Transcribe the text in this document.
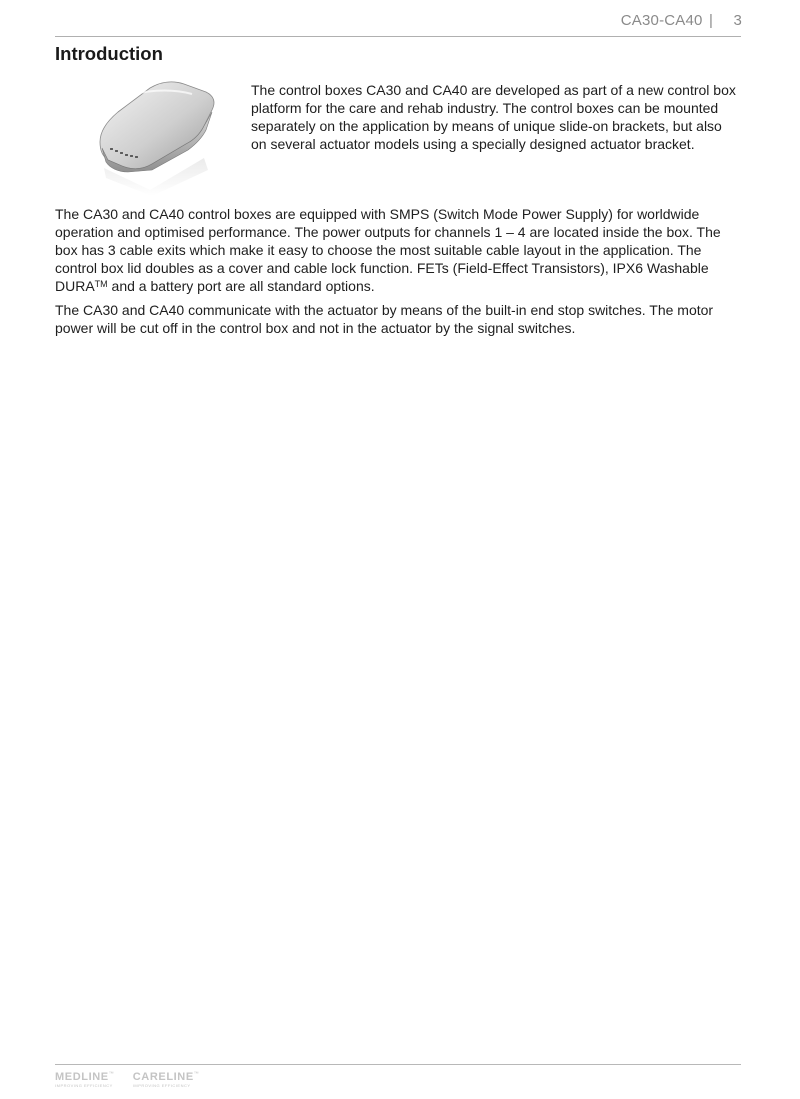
CA30-CA40 | 3
Introduction

The control boxes CA30 and CA40 are developed as part of a new control box platform for the care and rehab industry. The control boxes can be mounted separately on the application by means of unique slide-on brackets, but also on several actuator models using a specially designed actuator bracket.

The CA30 and CA40 control boxes are equipped with SMPS (Switch Mode Power Supply) for worldwide operation and optimised performance. The power outputs for channels 1 – 4 are located inside the box. The box has 3 cable exits which make it easy to choose the most suitable cable layout in the application. The control box lid doubles as a cover and cable lock function. FETs (Field-Effect Transistors), IPX6 Washable DURA™ and a battery port are all standard options.

The CA30 and CA40 communicate with the actuator by means of the built-in end stop switches. The motor power will be cut off in the control box and not in the actuator by the signal switches.

MEDLINE™
IMPROVING EFFICIENCY

CARELINE™
IMPROVING EFFICIENCY
